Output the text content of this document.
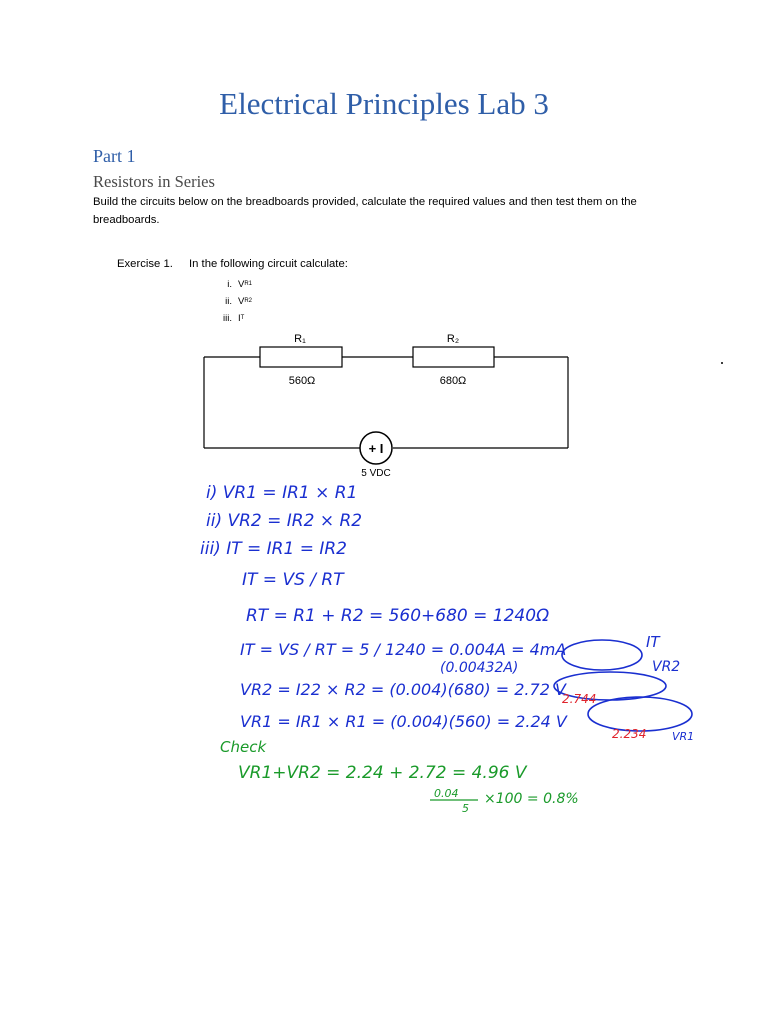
Electrical Principles Lab 3
Part 1
Resistors in Series
Build the circuits below on the breadboards provided, calculate the required values and then test them on the breadboards.
Exercise 1. In the following circuit calculate:
i. V R1
ii. V R2
iii. I T
+ I
R₁	R₂
560Ω	680Ω
5 VDC
i) VR1 = IR1 × R1
ii) VR2 = IR2 × R2
iii) IT = IR1 = IR2
IT = VS / RT
RT = R1 + R2 = 560+680 = 1240Ω
IT = VS / RT = 5 / 1240 = 0.004A = 4mA
(0.00432A)
VR2 = I22 × R2 = (0.004)(680) = 2.72 V
VR1 = IR1 × R1 = (0.004)(560) = 2.24 V
IT
VR2
VR1
2.744
2.234
Check
VR1+VR2 = 2.24 + 2.72 = 4.96 V
0.04
5
×100 = 0.8%
